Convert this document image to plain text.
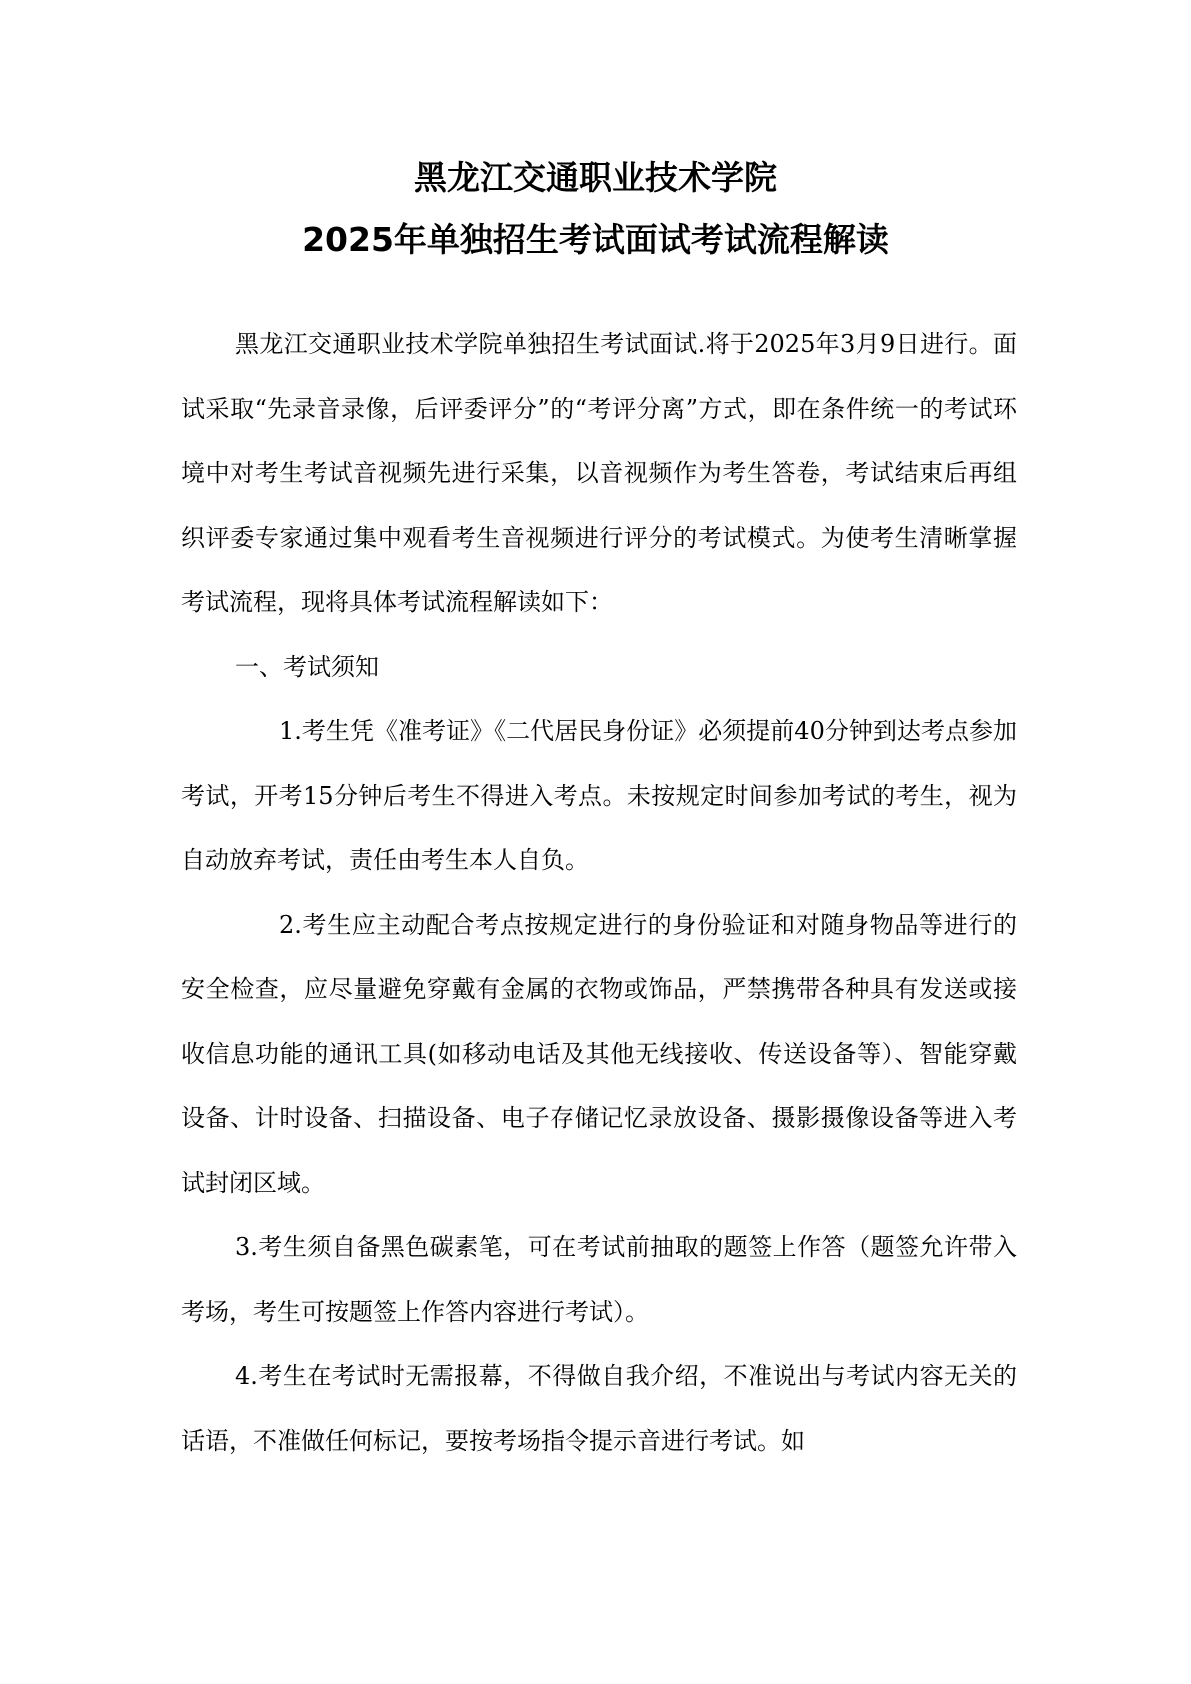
黑龙江交通职业技术学院
2025年单独招生考试面试考试流程解读

黑龙江交通职业技术学院单独招生考试面试.将于2025年3月9日进行。面试采取“先录音录像，后评委评分”的“考评分离”方式，即在条件统一的考试环境中对考生考试音视频先进行采集，以音视频作为考生答卷，考试结束后再组织评委专家通过集中观看考生音视频进行评分的考试模式。为使考生清晰掌握考试流程，现将具体考试流程解读如下：

一、考试须知

1.考生凭《准考证》《二代居民身份证》必须提前40分钟到达考点参加考试，开考15分钟后考生不得进入考点。未按规定时间参加考试的考生，视为自动放弃考试，责任由考生本人自负。

2.考生应主动配合考点按规定进行的身份验证和对随身物品等进行的安全检查，应尽量避免穿戴有金属的衣物或饰品，严禁携带各种具有发送或接收信息功能的通讯工具(如移动电话及其他无线接收、传送设备等）、智能穿戴设备、计时设备、扫描设备、电子存储记忆录放设备、摄影摄像设备等进入考试封闭区域。

3.考生须自备黑色碳素笔，可在考试前抽取的题签上作答（题签允许带入考场，考生可按题签上作答内容进行考试）。

4.考生在考试时无需报幕，不得做自我介绍，不准说出与考试内容无关的话语，不准做任何标记，要按考场指令提示音进行考试。如
